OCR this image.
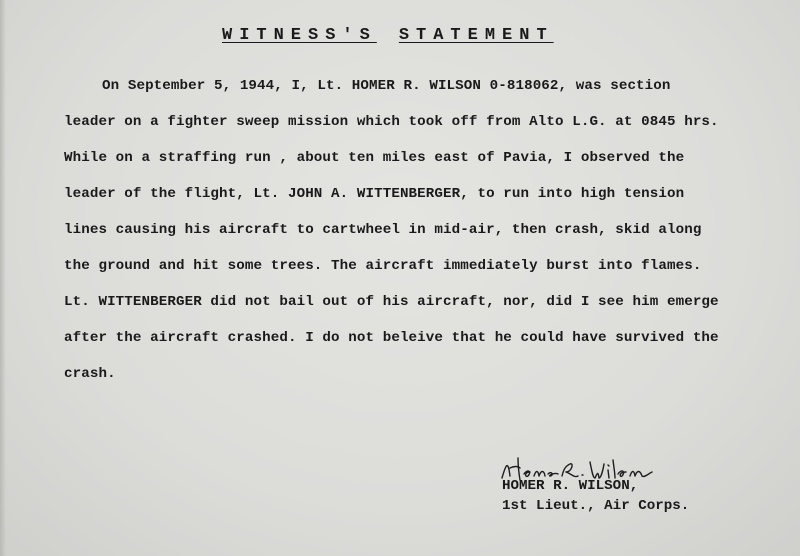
WITNESS'S STATEMENT
On September 5, 1944, I, Lt. HOMER R. WILSON 0-818062, was section
leader on a fighter sweep mission which took off from Alto L.G. at 0845 hrs.
While on a straffing run , about ten miles east of Pavia, I observed the
leader of the flight, Lt. JOHN A. WITTENBERGER, to run into high tension
lines causing his aircraft to cartwheel in mid-air, then crash, skid along
the ground and hit some trees. The aircraft immediately burst into flames.
Lt. WITTENBERGER did not bail out of his aircraft, nor, did I see him emerge
after the aircraft crashed. I do not beleive that he could have survived the
crash.
HOMER R. WILSON,
1st Lieut., Air Corps.
